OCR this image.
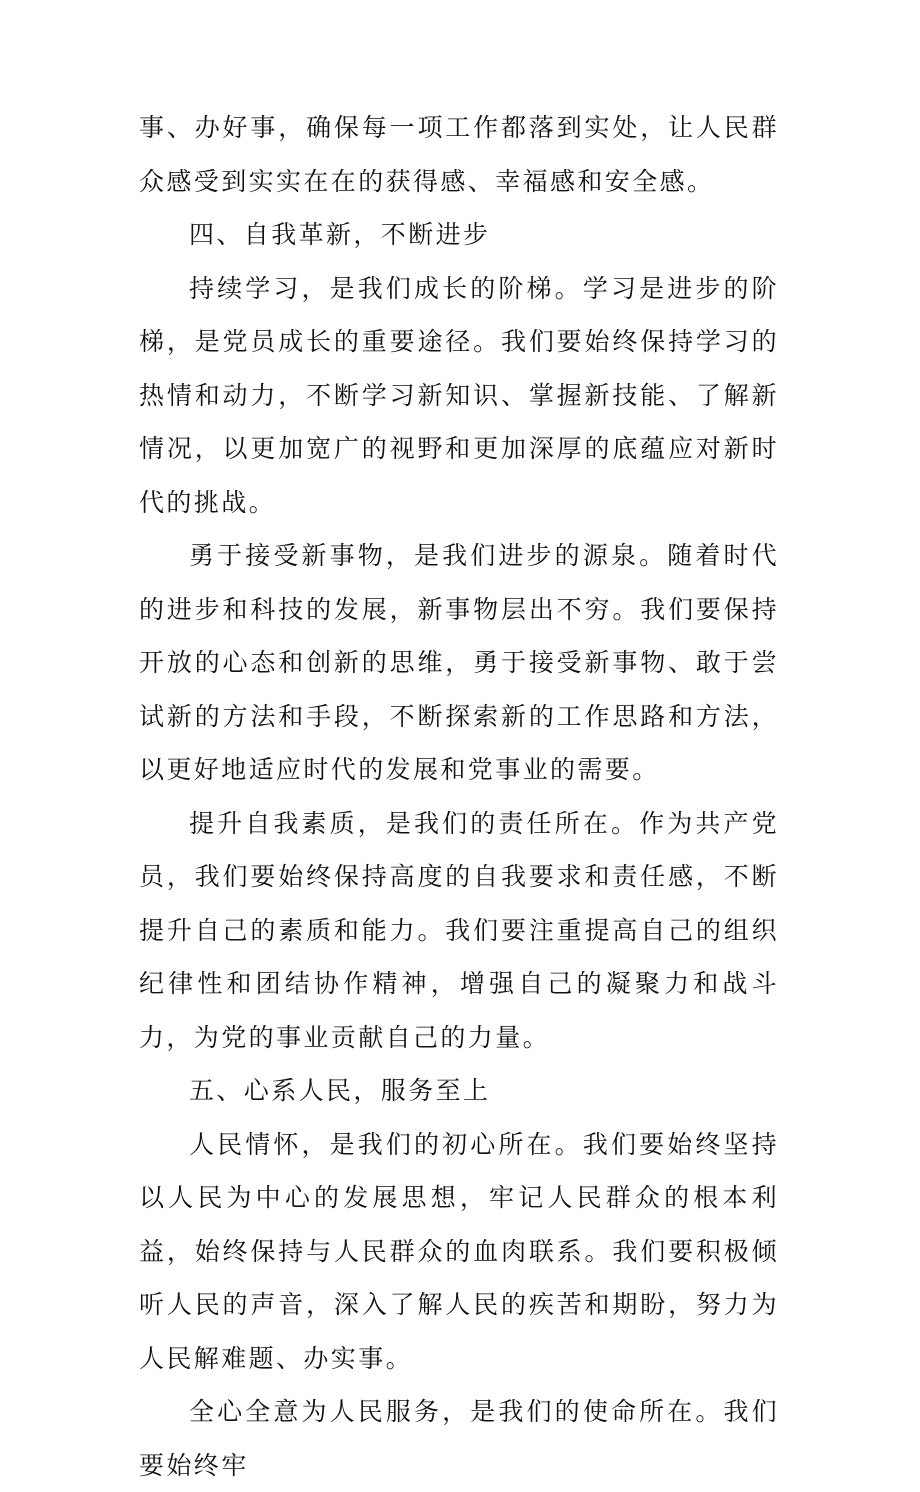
事、办好事，确保每一项工作都落到实处，让人民群众感受到实实在在的获得感、幸福感和安全感。

四、自我革新，不断进步

持续学习，是我们成长的阶梯。学习是进步的阶梯，是党员成长的重要途径。我们要始终保持学习的热情和动力，不断学习新知识、掌握新技能、了解新情况，以更加宽广的视野和更加深厚的底蕴应对新时代的挑战。

勇于接受新事物，是我们进步的源泉。随着时代的进步和科技的发展，新事物层出不穷。我们要保持开放的心态和创新的思维，勇于接受新事物、敢于尝试新的方法和手段，不断探索新的工作思路和方法，以更好地适应时代的发展和党事业的需要。

提升自我素质，是我们的责任所在。作为共产党员，我们要始终保持高度的自我要求和责任感，不断提升自己的素质和能力。我们要注重提高自己的组织纪律性和团结协作精神，增强自己的凝聚力和战斗力，为党的事业贡献自己的力量。

五、心系人民，服务至上

人民情怀，是我们的初心所在。我们要始终坚持以人民为中心的发展思想，牢记人民群众的根本利益，始终保持与人民群众的血肉联系。我们要积极倾听人民的声音，深入了解人民的疾苦和期盼，努力为人民解难题、办实事。

全心全意为人民服务，是我们的使命所在。我们要始终牢
